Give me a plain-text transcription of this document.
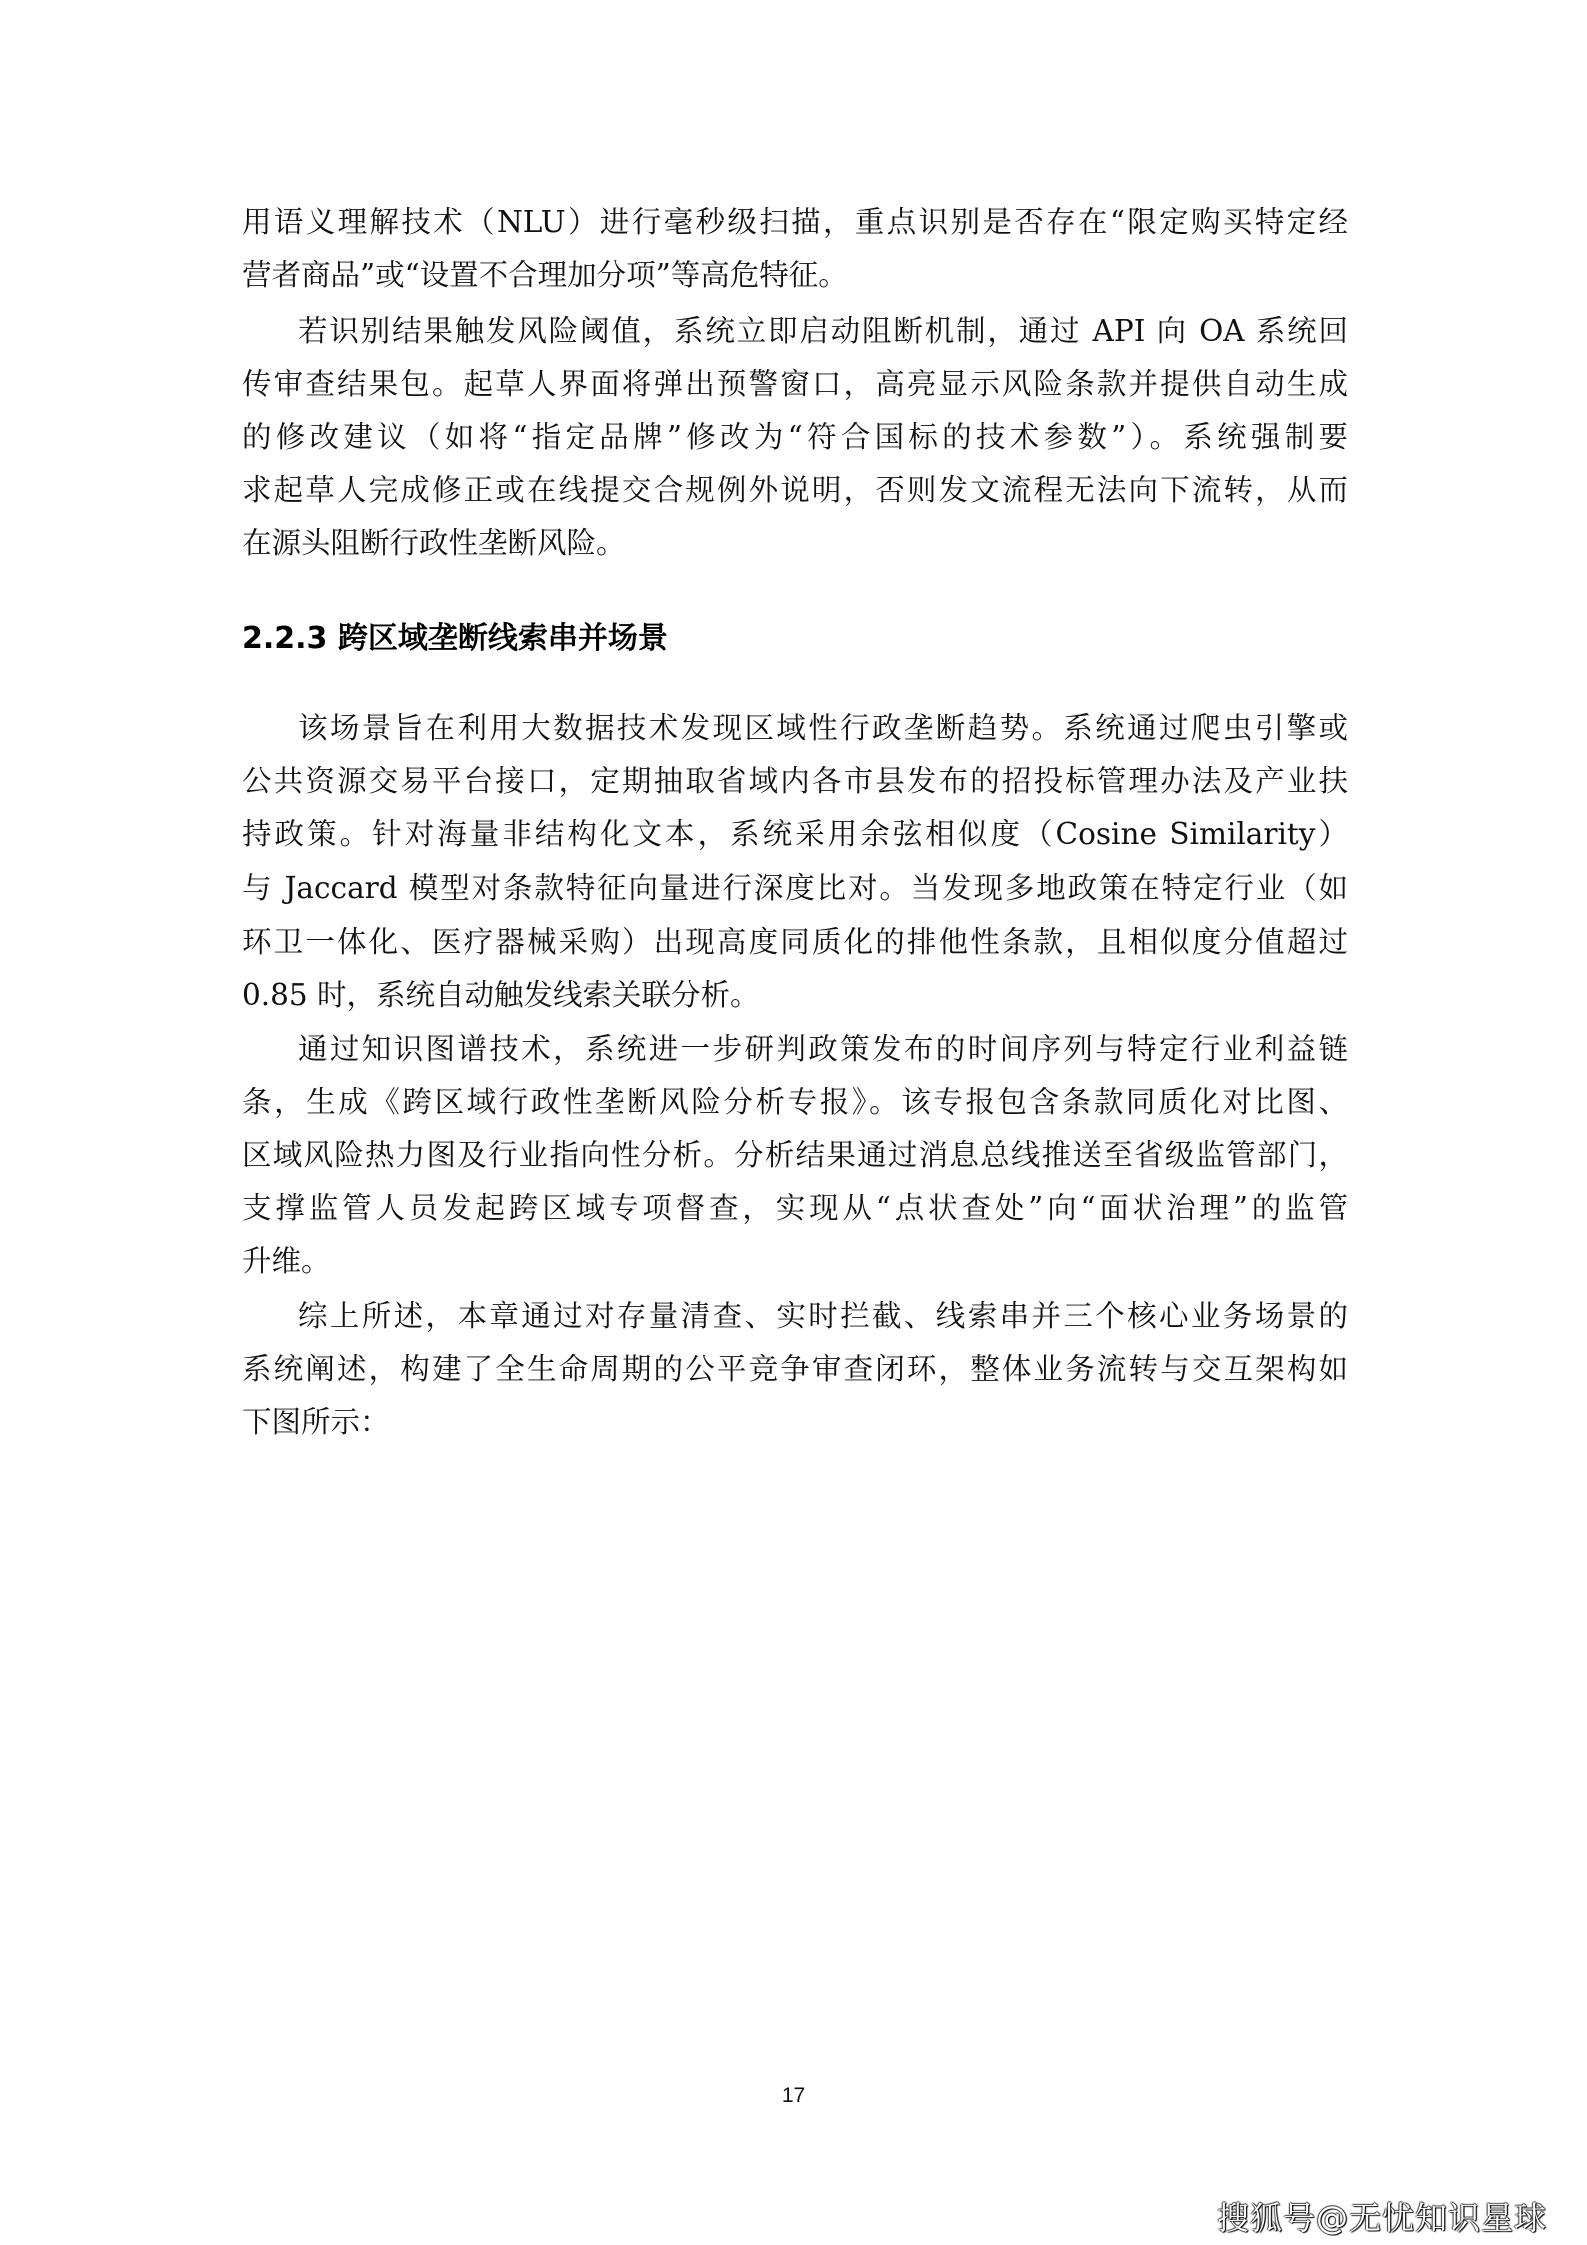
用语义理解技术（NLU）进行毫秒级扫描，重点识别是否存在“限定购买特定经
营者商品”或“设置不合理加分项”等高危特征。
若识别结果触发风险阈值，系统立即启动阻断机制，通过 API 向 OA 系统回
传审查结果包。起草人界面将弹出预警窗口，高亮显示风险条款并提供自动生成
的修改建议（如将“指定品牌”修改为“符合国标的技术参数”）。系统强制要
求起草人完成修正或在线提交合规例外说明，否则发文流程无法向下流转，从而
在源头阻断行政性垄断风险。
2.2.3 跨区域垄断线索串并场景
该场景旨在利用大数据技术发现区域性行政垄断趋势。系统通过爬虫引擎或
公共资源交易平台接口，定期抽取省域内各市县发布的招投标管理办法及产业扶
持政策。针对海量非结构化文本，系统采用余弦相似度（Cosine Similarity）
与 Jaccard 模型对条款特征向量进行深度比对。当发现多地政策在特定行业（如
环卫一体化、医疗器械采购）出现高度同质化的排他性条款，且相似度分值超过
0.85 时，系统自动触发线索关联分析。
通过知识图谱技术，系统进一步研判政策发布的时间序列与特定行业利益链
条，生成《跨区域行政性垄断风险分析专报》。该专报包含条款同质化对比图、
区域风险热力图及行业指向性分析。分析结果通过消息总线推送至省级监管部门，
支撑监管人员发起跨区域专项督查，实现从“点状查处”向“面状治理”的监管
升维。
综上所述，本章通过对存量清查、实时拦截、线索串并三个核心业务场景的
系统阐述，构建了全生命周期的公平竞争审查闭环，整体业务流转与交互架构如
下图所示：
17
搜狐号@无忧知识星球
